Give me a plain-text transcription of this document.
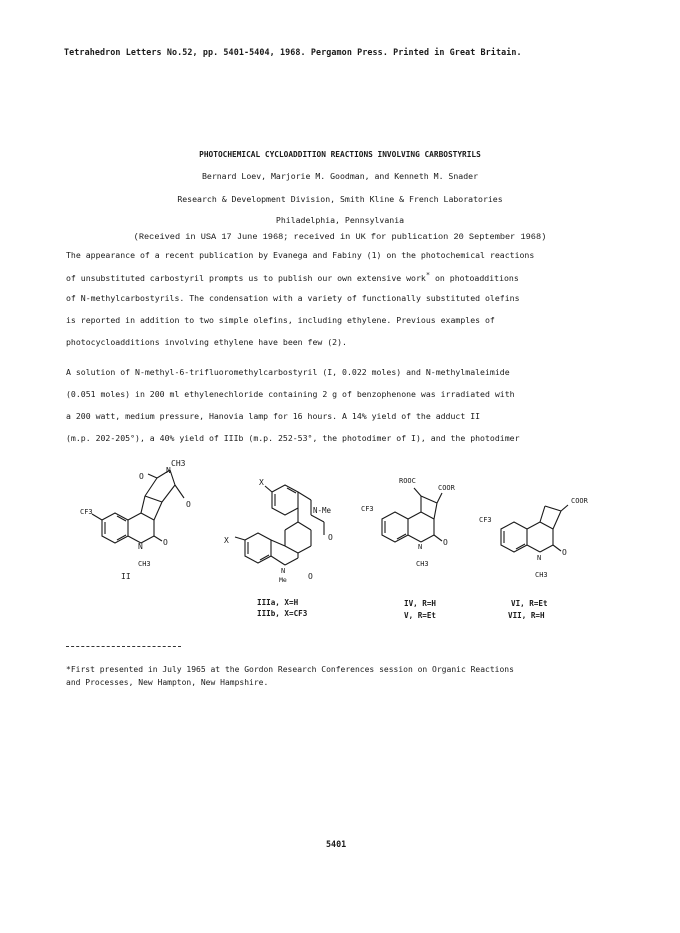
Tetrahedron Letters No.52, pp. 5401-5404, 1968. Pergamon Press. Printed in Great Britain.
PHOTOCHEMICAL CYCLOADDITION REACTIONS INVOLVING CARBOSTYRILS
Bernard Loev, Marjorie M. Goodman, and Kenneth M. Snader
Research & Development Division, Smith Kline & French Laboratories
Philadelphia, Pennsylvania
(Received in USA 17 June 1968; received in UK for publication 20 September 1968)
The appearance of a recent publication by Evanega and Fabiny (1) on the photochemical reactions
of unsubstituted carbostyril prompts us to publish our own extensive work* on photoadditions
of N-methylcarbostyrils. The condensation with a variety of functionally substituted olefins
is reported in addition to two simple olefins, including ethylene. Previous examples of
photocycloadditions involving ethylene have been few (2).
A solution of N-methyl-6-trifluoromethylcarbostyril (I, 0.022 moles) and N-methylmaleimide
(0.051 moles) in 200 ml ethylenechloride containing 2 g of benzophenone was irradiated with
a 200 watt, medium pressure, Hanovia lamp for 16 hours. A 14% yield of the adduct II
(m.p. 202-205°), a 40% yield of IIIb (m.p. 252-53°, the photodimer of I), and the photodimer
CH3
O
N
O
CF3
N	O
CH3
II
X
N-Me
O
X
O
N
Me
ROOC
COOR
CF3
N	O
CH3
IV, R=H
V, R=Et
COOR
CF3
N
O
CH3
VI, R=Et
VII, R=H
IIIa, X=H
IIIb, X=CF3
*First presented in July 1965 at the Gordon Research Conferences session on Organic Reactions
and Processes, New Hampton, New Hampshire.
5401
